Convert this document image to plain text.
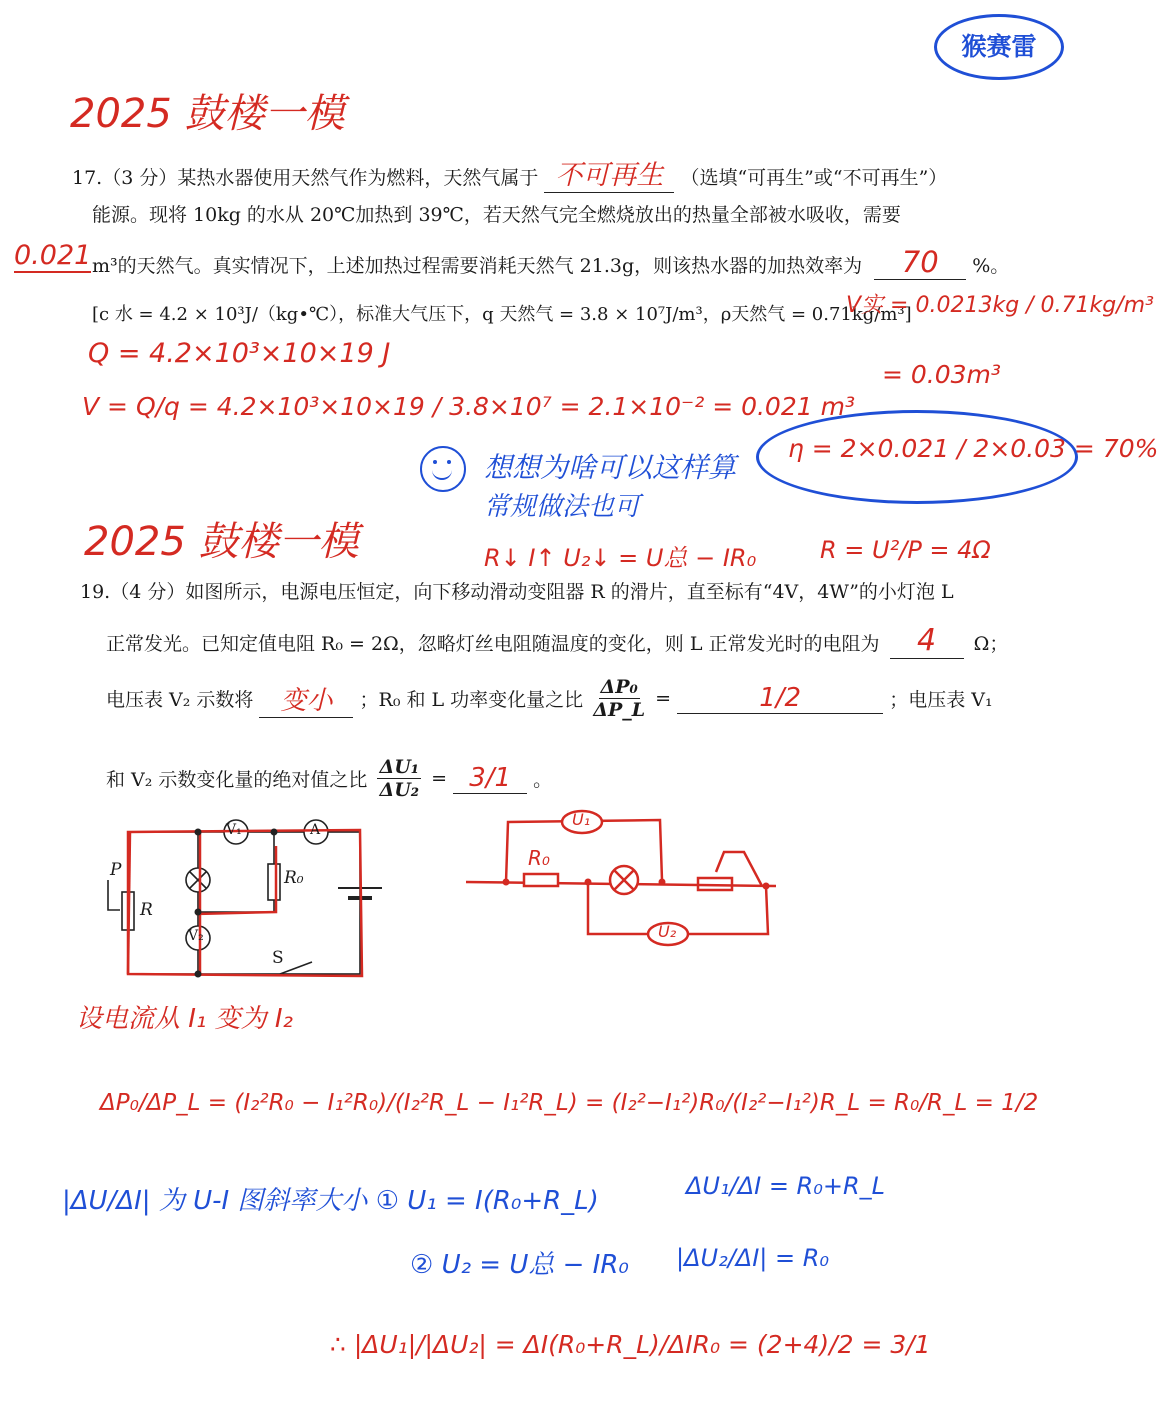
猴赛雷
2025 鼓楼一模
17.（3 分）某热水器使用天然气作为燃料，天然气属于 不可再生 （选填“可再生”或“不可再生”）
能源。现将 10kg 的水从 20℃加热到 39℃，若天然气完全燃烧放出的热量全部被水吸收，需要
0.021 m³的天然气。真实情况下，上述加热过程需要消耗天然气 21.3g，则该热水器的加热效率为 70 %。
[c 水 = 4.2 × 10³J/（kg•℃），标准大气压下，q 天然气 = 3.8 × 10⁷J/m³，ρ天然气 = 0.71kg/m³]
Q = 4.2×10³×10×19 J
V = Q/q = 4.2×10³×10×19 / 3.8×10⁷ = 2.1×10⁻² = 0.021 m³
V实 = 0.0213kg / 0.71kg/m³
= 0.03m³
η = 2×0.021 / 2×0.03 = 70%
想想为啥可以这样算
常规做法也可
2025 鼓楼一模	R↓ I↑ U₂↓ = U总 − IR₀	R = U²/P = 4Ω
19.（4 分）如图所示，电源电压恒定，向下移动滑动变阻器 R 的滑片，直至标有“4V，4W”的小灯泡 L
正常发光。已知定值电阻 R₀ = 2Ω，忽略灯丝电阻随温度的变化，则 L 正常发光时的电阻为 4 Ω；
电压表 V₂ 示数将 变小 ；R₀ 和 L 功率变化量之比 $\frac{\text{ΔP₀}}{\Delta P\_L}$ =	1/2	；电压表 V₁
和 V₂ 示数变化量的绝对值之比 $\frac{\text{ΔU₁}}{\text{ΔU₂}} = 3/1$ 。
P
R
R₀
V₁	A
V₂
S
U₁
R₀
U₂
设电流从 I₁ 变为 I₂
ΔP₀/ΔP_L = (I₂²R₀ − I₁²R₀)/(I₂²R_L − I₁²R_L) = (I₂²−I₁²)R₀/(I₂²−I₁²)R_L = R₀/R_L = 1/2
|ΔU/ΔI| 为 U-I 图斜率大小 ① U₁ = I(R₀+R_L)	ΔU₁/ΔI = R₀+R_L
② U₂ = U总 − IR₀ |ΔU₂/ΔI| = R₀
∴ |ΔU₁|/|ΔU₂| = ΔI(R₀+R_L)/ΔIR₀ = (2+4)/2 = 3/1
